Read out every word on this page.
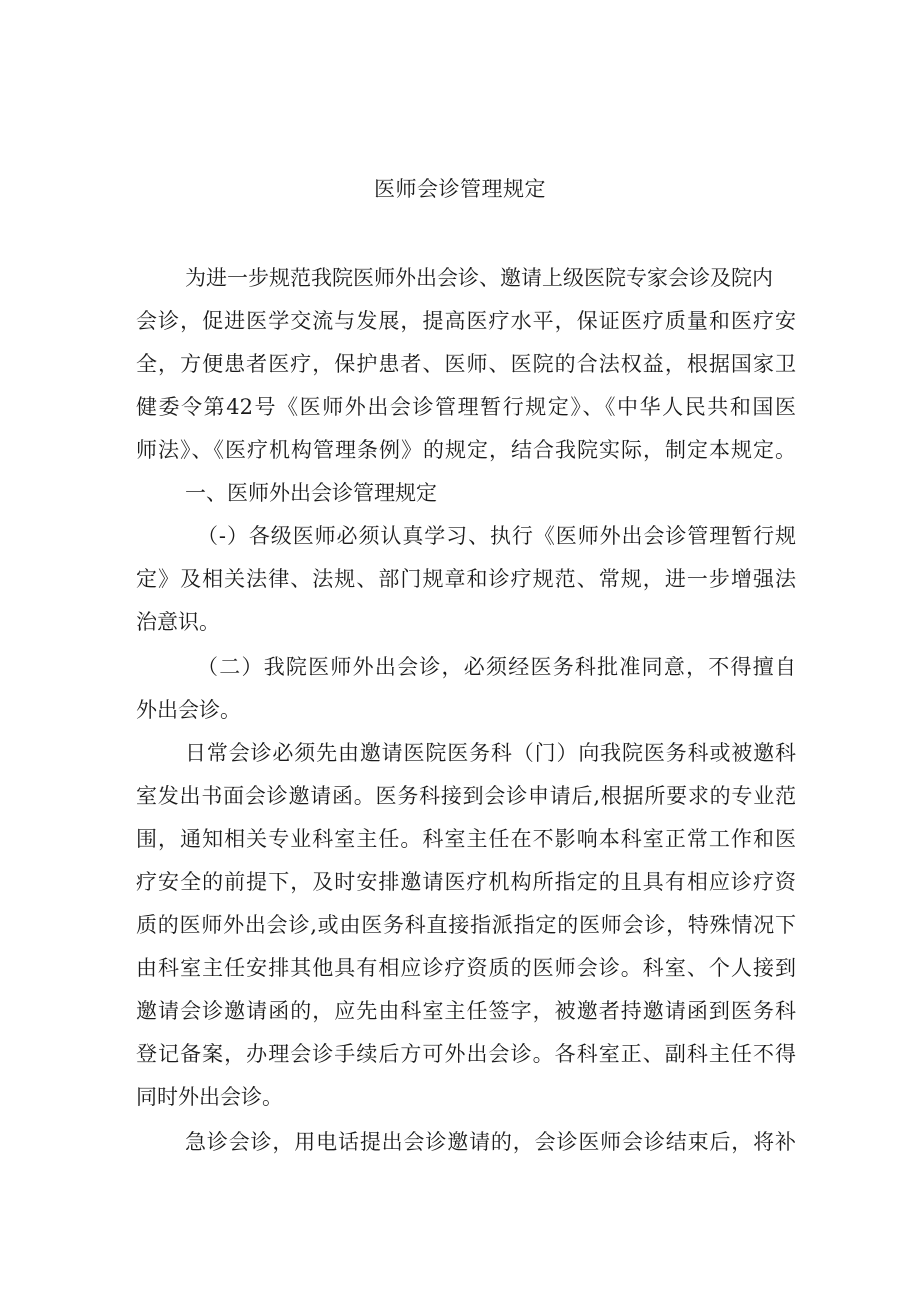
医师会诊管理规定
为进一步规范我院医师外出会诊、邀请上级医院专家会诊及院内
会诊，促进医学交流与发展，提高医疗水平，保证医疗质量和医疗安
全，方便患者医疗，保护患者、医师、医院的合法权益，根据国家卫
健委令第42号《医师外出会诊管理暂行规定》、《中华人民共和国医
师法》、《医疗机构管理条例》的规定，结合我院实际，制定本规定。
一、医师外出会诊管理规定
（-）各级医师必须认真学习、执行《医师外出会诊管理暂行规
定》及相关法律、法规、部门规章和诊疗规范、常规，进一步增强法
治意识。
（二）我院医师外出会诊，必须经医务科批准同意，不得擅自
外出会诊。
日常会诊必须先由邀请医院医务科（门）向我院医务科或被邀科
室发出书面会诊邀请函。医务科接到会诊申请后,根据所要求的专业范
围，通知相关专业科室主任。科室主任在不影响本科室正常工作和医
疗安全的前提下，及时安排邀请医疗机构所指定的且具有相应诊疗资
质的医师外出会诊,或由医务科直接指派指定的医师会诊，特殊情况下
由科室主任安排其他具有相应诊疗资质的医师会诊。科室、个人接到
邀请会诊邀请函的，应先由科室主任签字，被邀者持邀请函到医务科
登记备案，办理会诊手续后方可外出会诊。各科室正、副科主任不得
同时外出会诊。
急诊会诊，用电话提出会诊邀请的，会诊医师会诊结束后，将补
